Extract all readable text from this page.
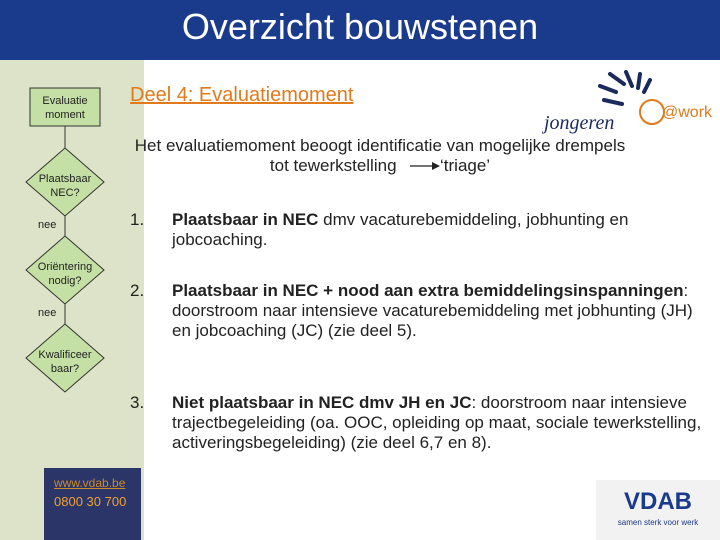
Overzicht bouwstenen
Evaluatie moment
Plaatsbaar NEC?
nee
Oriëntering nodig?
nee
Kwalificeer baar?
www.vdab.be
0800 30 700
Deel 4: Evaluatiemoment
jongeren	@work
Het evaluatiemoment beoogt identificatie van mogelijke drempels tot tewerkstelling	‘triage’
1. Plaatsbaar in NEC dmv vacaturebemiddeling, jobhunting en jobcoaching.
2. Plaatsbaar in NEC + nood aan extra bemiddelingsinspanningen: doorstroom naar intensieve vacaturebemiddeling met jobhunting (JH) en jobcoaching (JC) (zie deel 5).
3. Niet plaatsbaar in NEC dmv JH en JC: doorstroom naar intensieve trajectbegeleiding (oa. OOC, opleiding op maat, sociale tewerkstelling, activeringsbegeleiding) (zie deel 6,7 en 8).
VDAB
samen sterk voor werk
